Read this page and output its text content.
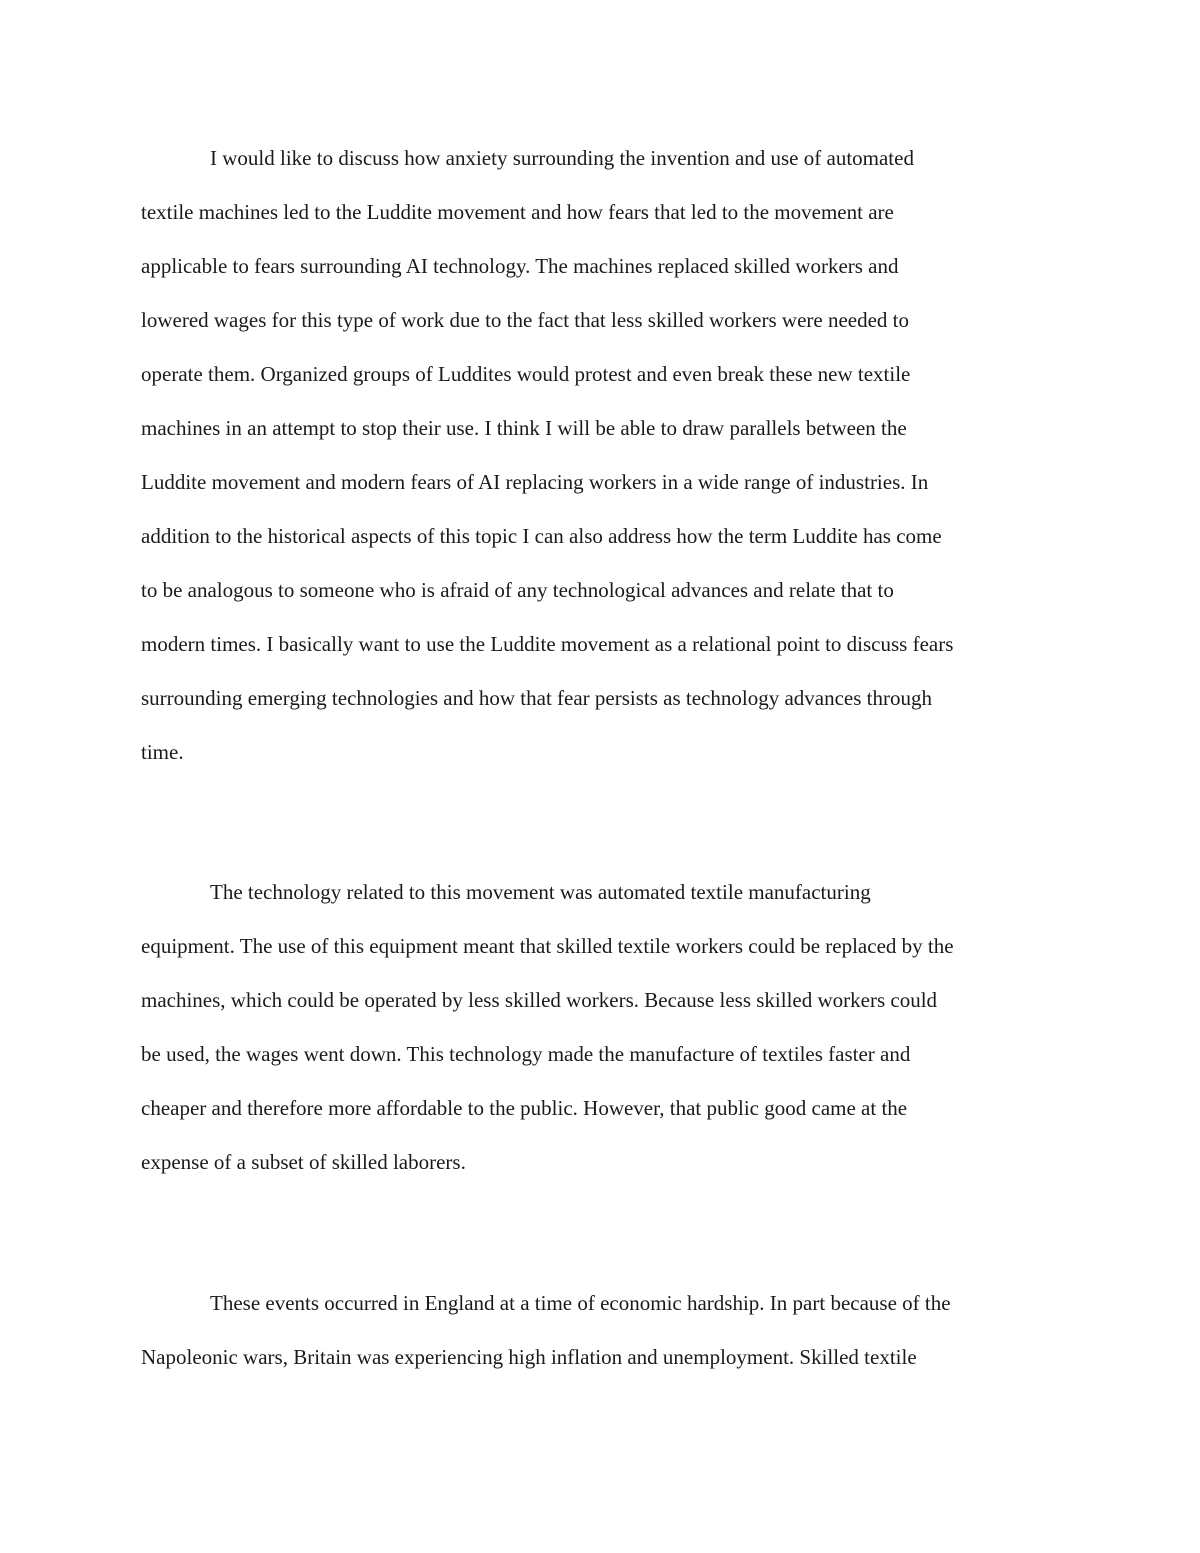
I would like to discuss how anxiety surrounding the invention and use of automated

textile machines led to the Luddite movement and how fears that led to the movement are

applicable to fears surrounding AI technology. The machines replaced skilled workers and

lowered wages for this type of work due to the fact that less skilled workers were needed to

operate them. Organized groups of Luddites would protest and even break these new textile

machines in an attempt to stop their use. I think I will be able to draw parallels between the

Luddite movement and modern fears of AI replacing workers in a wide range of industries. In

addition to the historical aspects of this topic I can also address how the term Luddite has come

to be analogous to someone who is afraid of any technological advances and relate that to

modern times. I basically want to use the Luddite movement as a relational point to discuss fears

surrounding emerging technologies and how that fear persists as technology advances through

time.

The technology related to this movement was automated textile manufacturing

equipment. The use of this equipment meant that skilled textile workers could be replaced by the

machines, which could be operated by less skilled workers. Because less skilled workers could

be used, the wages went down. This technology made the manufacture of textiles faster and

cheaper and therefore more affordable to the public. However, that public good came at the

expense of a subset of skilled laborers.

These events occurred in England at a time of economic hardship. In part because of the

Napoleonic wars, Britain was experiencing high inflation and unemployment. Skilled textile
